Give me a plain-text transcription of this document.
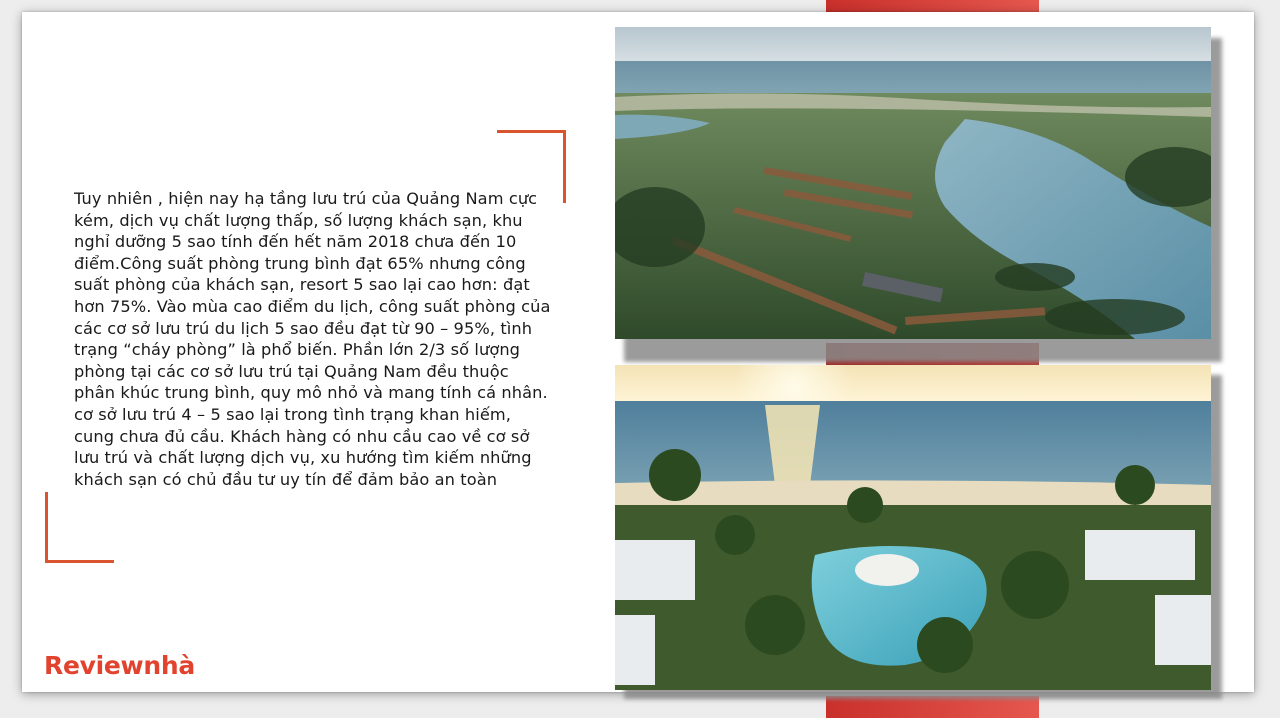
Tuy nhiên , hiện nay hạ tầng lưu trú của Quảng Nam cực kém, dịch vụ chất lượng thấp, số lượng khách sạn, khu nghỉ dưỡng 5 sao tính đến hết năm 2018 chưa đến 10 điểm.Công suất phòng trung bình đạt 65% nhưng công suất phòng của khách sạn, resort 5 sao lại cao hơn: đạt hơn 75%. Vào mùa cao điểm du lịch, công suất phòng của các cơ sở lưu trú du lịch 5 sao đều đạt từ 90 – 95%, tình trạng “cháy phòng” là phổ biến. Phần lớn 2/3 số lượng phòng tại các cơ sở lưu trú tại Quảng Nam đều thuộc phân khúc trung bình, quy mô nhỏ và mang tính cá nhân. cơ sở lưu trú 4 – 5 sao lại trong tình trạng khan hiếm, cung chưa đủ cầu. Khách hàng có nhu cầu cao về cơ sở lưu trú và chất lượng dịch vụ, xu hướng tìm kiếm những khách sạn có chủ đầu tư uy tín để đảm bảo an toàn

Reviewnhà
